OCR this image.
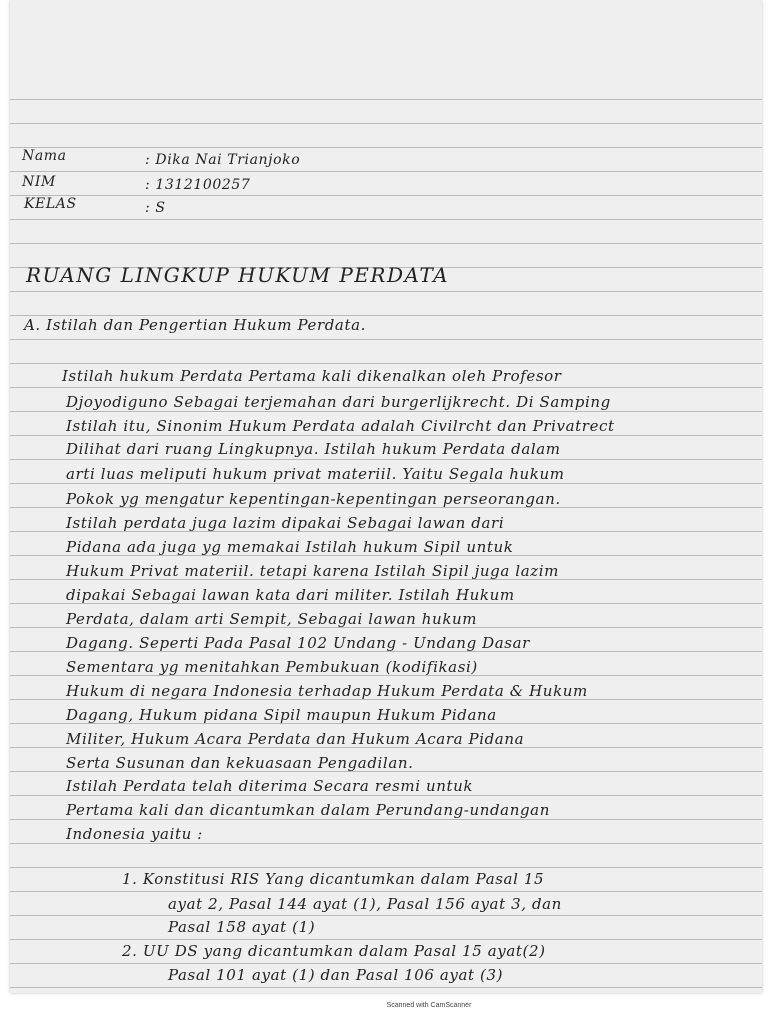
Nama	: Dika Nai Trianjoko
NIM	: 1312100257
KELAS	: S
RUANG LINGKUP HUKUM PERDATA
A. Istilah dan Pengertian Hukum Perdata.
Istilah hukum Perdata Pertama kali dikenalkan oleh Profesor
Djoyodiguno Sebagai terjemahan dari burgerlijkrecht. Di Samping
Istilah itu, Sinonim Hukum Perdata adalah Civilrcht dan Privatrect
Dilihat dari ruang Lingkupnya. Istilah hukum Perdata dalam
arti luas meliputi hukum privat materiil. Yaitu Segala hukum
Pokok yg mengatur kepentingan-kepentingan perseorangan.
Istilah perdata juga lazim dipakai Sebagai lawan dari
Pidana ada juga yg memakai Istilah hukum Sipil untuk
Hukum Privat materiil. tetapi karena Istilah Sipil juga lazim
dipakai Sebagai lawan kata dari militer. Istilah Hukum
Perdata, dalam arti Sempit, Sebagai lawan hukum
Dagang. Seperti Pada Pasal 102 Undang - Undang Dasar
Sementara yg menitahkan Pembukuan (kodifikasi)
Hukum di negara Indonesia terhadap Hukum Perdata & Hukum
Dagang, Hukum pidana Sipil maupun Hukum Pidana
Militer, Hukum Acara Perdata dan Hukum Acara Pidana
Serta Susunan dan kekuasaan Pengadilan.
Istilah Perdata telah diterima Secara resmi untuk
Pertama kali dan dicantumkan dalam Perundang-undangan
Indonesia yaitu :
1. Konstitusi RIS Yang dicantumkan dalam Pasal 15
ayat 2, Pasal 144 ayat (1), Pasal 156 ayat 3, dan
Pasal 158 ayat (1)
2. UU DS yang dicantumkan dalam Pasal 15 ayat(2)
Pasal 101 ayat (1) dan Pasal 106 ayat (3)
Scanned with CamScanner
